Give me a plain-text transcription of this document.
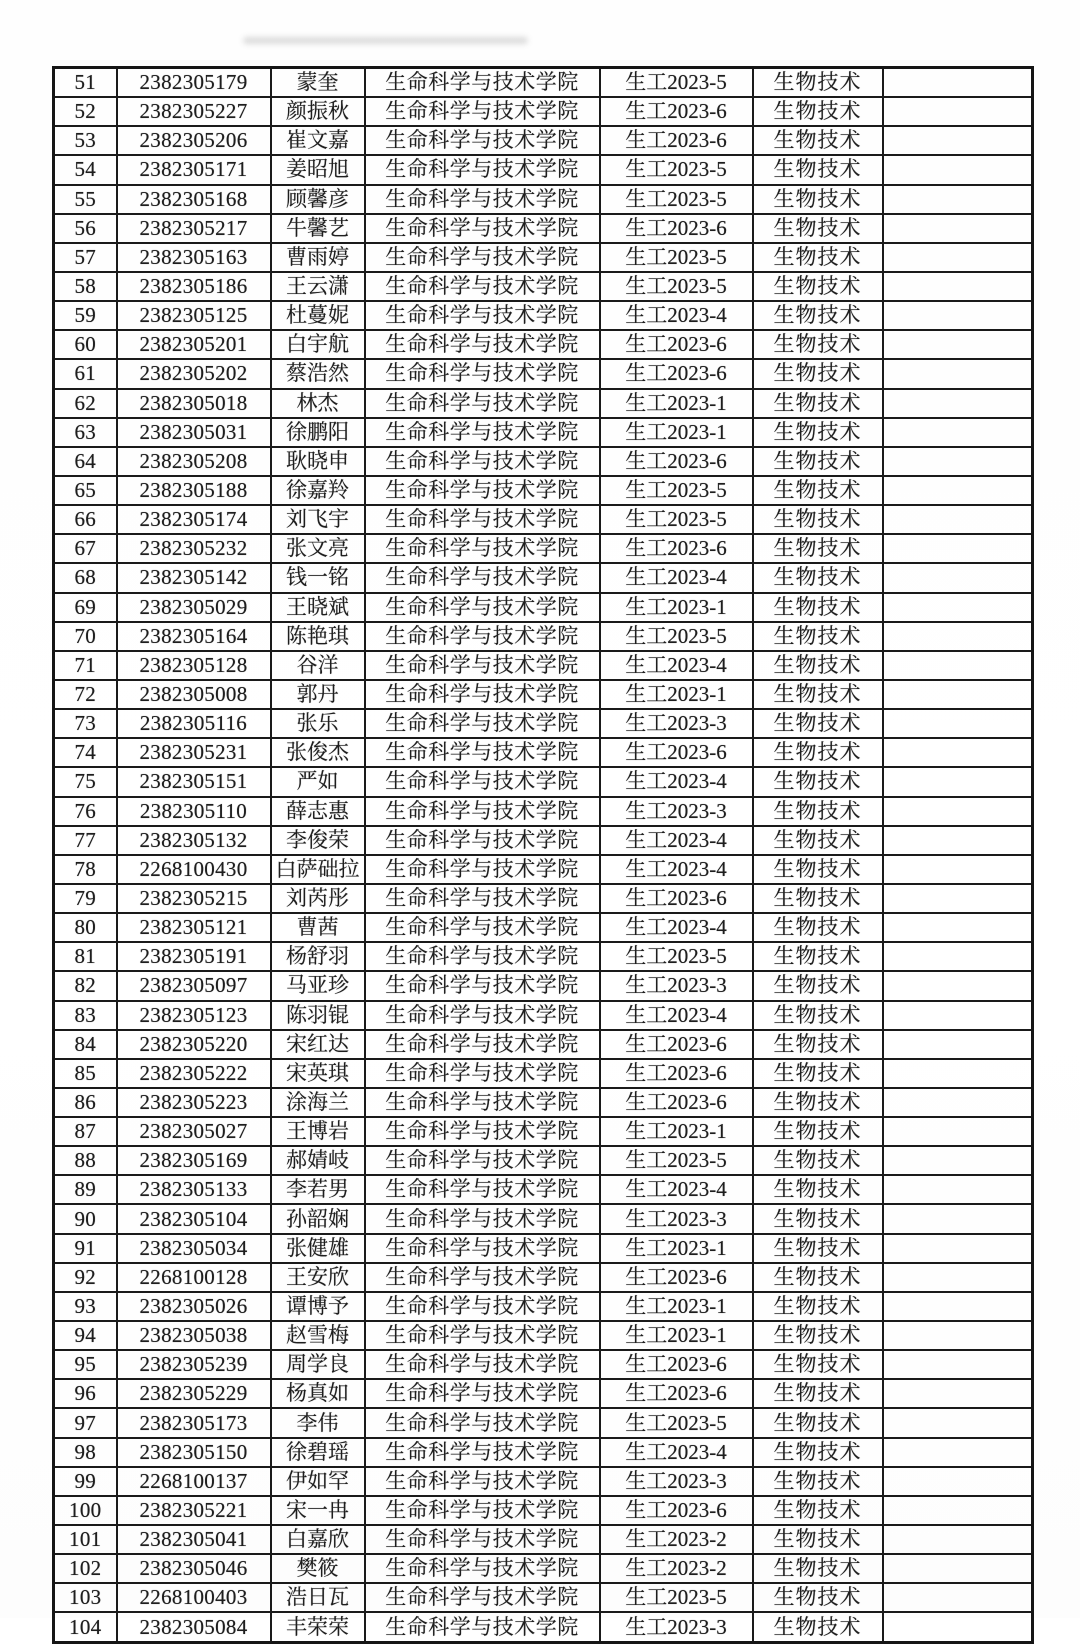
51	2382305179	蒙奎	生命科学与技术学院	生工2023-5	生物技术	
52	2382305227	颜振秋	生命科学与技术学院	生工2023-6	生物技术	
53	2382305206	崔文嘉	生命科学与技术学院	生工2023-6	生物技术	
54	2382305171	姜昭旭	生命科学与技术学院	生工2023-5	生物技术	
55	2382305168	顾馨彦	生命科学与技术学院	生工2023-5	生物技术	
56	2382305217	牛馨艺	生命科学与技术学院	生工2023-6	生物技术	
57	2382305163	曹雨婷	生命科学与技术学院	生工2023-5	生物技术	
58	2382305186	王云潇	生命科学与技术学院	生工2023-5	生物技术	
59	2382305125	杜蔓妮	生命科学与技术学院	生工2023-4	生物技术	
60	2382305201	白宇航	生命科学与技术学院	生工2023-6	生物技术	
61	2382305202	蔡浩然	生命科学与技术学院	生工2023-6	生物技术	
62	2382305018	林杰	生命科学与技术学院	生工2023-1	生物技术	
63	2382305031	徐鹏阳	生命科学与技术学院	生工2023-1	生物技术	
64	2382305208	耿晓申	生命科学与技术学院	生工2023-6	生物技术	
65	2382305188	徐嘉羚	生命科学与技术学院	生工2023-5	生物技术	
66	2382305174	刘飞宇	生命科学与技术学院	生工2023-5	生物技术	
67	2382305232	张文亮	生命科学与技术学院	生工2023-6	生物技术	
68	2382305142	钱一铭	生命科学与技术学院	生工2023-4	生物技术	
69	2382305029	王晓斌	生命科学与技术学院	生工2023-1	生物技术	
70	2382305164	陈艳琪	生命科学与技术学院	生工2023-5	生物技术	
71	2382305128	谷洋	生命科学与技术学院	生工2023-4	生物技术	
72	2382305008	郭丹	生命科学与技术学院	生工2023-1	生物技术	
73	2382305116	张乐	生命科学与技术学院	生工2023-3	生物技术	
74	2382305231	张俊杰	生命科学与技术学院	生工2023-6	生物技术	
75	2382305151	严如	生命科学与技术学院	生工2023-4	生物技术	
76	2382305110	薛志惠	生命科学与技术学院	生工2023-3	生物技术	
77	2382305132	李俊荣	生命科学与技术学院	生工2023-4	生物技术	
78	2268100430	白萨础拉	生命科学与技术学院	生工2023-4	生物技术	
79	2382305215	刘芮彤	生命科学与技术学院	生工2023-6	生物技术	
80	2382305121	曹茜	生命科学与技术学院	生工2023-4	生物技术	
81	2382305191	杨舒羽	生命科学与技术学院	生工2023-5	生物技术	
82	2382305097	马亚珍	生命科学与技术学院	生工2023-3	生物技术	
83	2382305123	陈羽锟	生命科学与技术学院	生工2023-4	生物技术	
84	2382305220	宋红达	生命科学与技术学院	生工2023-6	生物技术	
85	2382305222	宋英琪	生命科学与技术学院	生工2023-6	生物技术	
86	2382305223	涂海兰	生命科学与技术学院	生工2023-6	生物技术	
87	2382305027	王博岩	生命科学与技术学院	生工2023-1	生物技术	
88	2382305169	郝婧岐	生命科学与技术学院	生工2023-5	生物技术	
89	2382305133	李若男	生命科学与技术学院	生工2023-4	生物技术	
90	2382305104	孙韶娴	生命科学与技术学院	生工2023-3	生物技术	
91	2382305034	张健雄	生命科学与技术学院	生工2023-1	生物技术	
92	2268100128	王安欣	生命科学与技术学院	生工2023-6	生物技术	
93	2382305026	谭博予	生命科学与技术学院	生工2023-1	生物技术	
94	2382305038	赵雪梅	生命科学与技术学院	生工2023-1	生物技术	
95	2382305239	周学良	生命科学与技术学院	生工2023-6	生物技术	
96	2382305229	杨真如	生命科学与技术学院	生工2023-6	生物技术	
97	2382305173	李伟	生命科学与技术学院	生工2023-5	生物技术	
98	2382305150	徐碧瑶	生命科学与技术学院	生工2023-4	生物技术	
99	2268100137	伊如罕	生命科学与技术学院	生工2023-3	生物技术	
100	2382305221	宋一冉	生命科学与技术学院	生工2023-6	生物技术	
101	2382305041	白嘉欣	生命科学与技术学院	生工2023-2	生物技术	
102	2382305046	樊筱	生命科学与技术学院	生工2023-2	生物技术	
103	2268100403	浩日瓦	生命科学与技术学院	生工2023-5	生物技术	
104	2382305084	丰荣荣	生命科学与技术学院	生工2023-3	生物技术	
